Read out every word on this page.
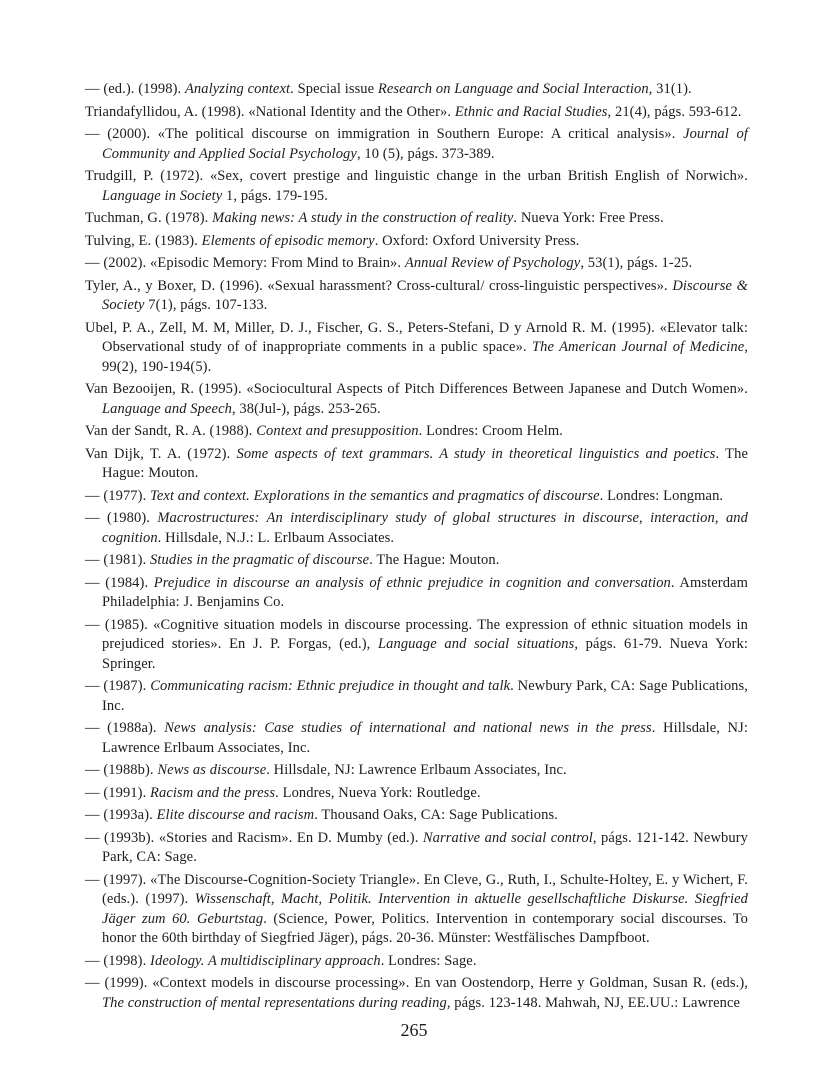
— (ed.). (1998). Analyzing context. Special issue Research on Language and Social Interaction, 31(1).

Triandafyllidou, A. (1998). «National Identity and the Other». Ethnic and Racial Studies, 21(4), págs. 593-612.

— (2000). «The political discourse on immigration in Southern Europe: A critical analysis». Journal of Community and Applied Social Psychology, 10 (5), págs. 373-389.

Trudgill, P. (1972). «Sex, covert prestige and linguistic change in the urban British English of Norwich». Language in Society 1, págs. 179-195.

Tuchman, G. (1978). Making news: A study in the construction of reality. Nueva York: Free Press.

Tulving, E. (1983). Elements of episodic memory. Oxford: Oxford University Press.

— (2002). «Episodic Memory: From Mind to Brain». Annual Review of Psychology, 53(1), págs. 1-25.

Tyler, A., y Boxer, D. (1996). «Sexual harassment? Cross-cultural/ cross-linguistic perspectives». Discourse & Society 7(1), págs. 107-133.

Ubel, P. A., Zell, M. M, Miller, D. J., Fischer, G. S., Peters-Stefani, D y Arnold R. M. (1995). «Elevator talk: Observational study of of inappropriate comments in a public space». The American Journal of Medicine, 99(2), 190-194(5).

Van Bezooijen, R. (1995). «Sociocultural Aspects of Pitch Differences Between Japanese and Dutch Women». Language and Speech, 38(Jul-), págs. 253-265.

Van der Sandt, R. A. (1988). Context and presupposition. Londres: Croom Helm.

Van Dijk, T. A. (1972). Some aspects of text grammars. A study in theoretical linguistics and poetics. The Hague: Mouton.

— (1977). Text and context. Explorations in the semantics and pragmatics of discourse. Londres: Longman.

— (1980). Macrostructures: An interdisciplinary study of global structures in discourse, interaction, and cognition. Hillsdale, N.J.: L. Erlbaum Associates.

— (1981). Studies in the pragmatic of discourse. The Hague: Mouton.

— (1984). Prejudice in discourse an analysis of ethnic prejudice in cognition and conversation. Amsterdam Philadelphia: J. Benjamins Co.

— (1985). «Cognitive situation models in discourse processing. The expression of ethnic situation models in prejudiced stories». En J. P. Forgas, (ed.), Language and social situations, págs. 61-79. Nueva York: Springer.

— (1987). Communicating racism: Ethnic prejudice in thought and talk. Newbury Park, CA: Sage Publications, Inc.

— (1988a). News analysis: Case studies of international and national news in the press. Hillsdale, NJ: Lawrence Erlbaum Associates, Inc.

— (1988b). News as discourse. Hillsdale, NJ: Lawrence Erlbaum Associates, Inc.

— (1991). Racism and the press. Londres, Nueva York: Routledge.

— (1993a). Elite discourse and racism. Thousand Oaks, CA: Sage Publications.

— (1993b). «Stories and Racism». En D. Mumby (ed.). Narrative and social control, págs. 121-142. Newbury Park, CA: Sage.

— (1997). «The Discourse-Cognition-Society Triangle». En Cleve, G., Ruth, I., Schulte-Holtey, E. y Wichert, F. (eds.). (1997). Wissenschaft, Macht, Politik. Intervention in aktuelle gesellschaftliche Diskurse. Siegfried Jäger zum 60. Geburtstag. (Science, Power, Politics. Intervention in contemporary social discourses. To honor the 60th birthday of Siegfried Jäger), págs. 20-36. Münster: Westfälisches Dampfboot.

— (1998). Ideology. A multidisciplinary approach. Londres: Sage.

— (1999). «Context models in discourse processing». En van Oostendorp, Herre y Goldman, Susan R. (eds.), The construction of mental representations during reading, págs. 123-148. Mahwah, NJ, EE.UU.: Lawrence

265
